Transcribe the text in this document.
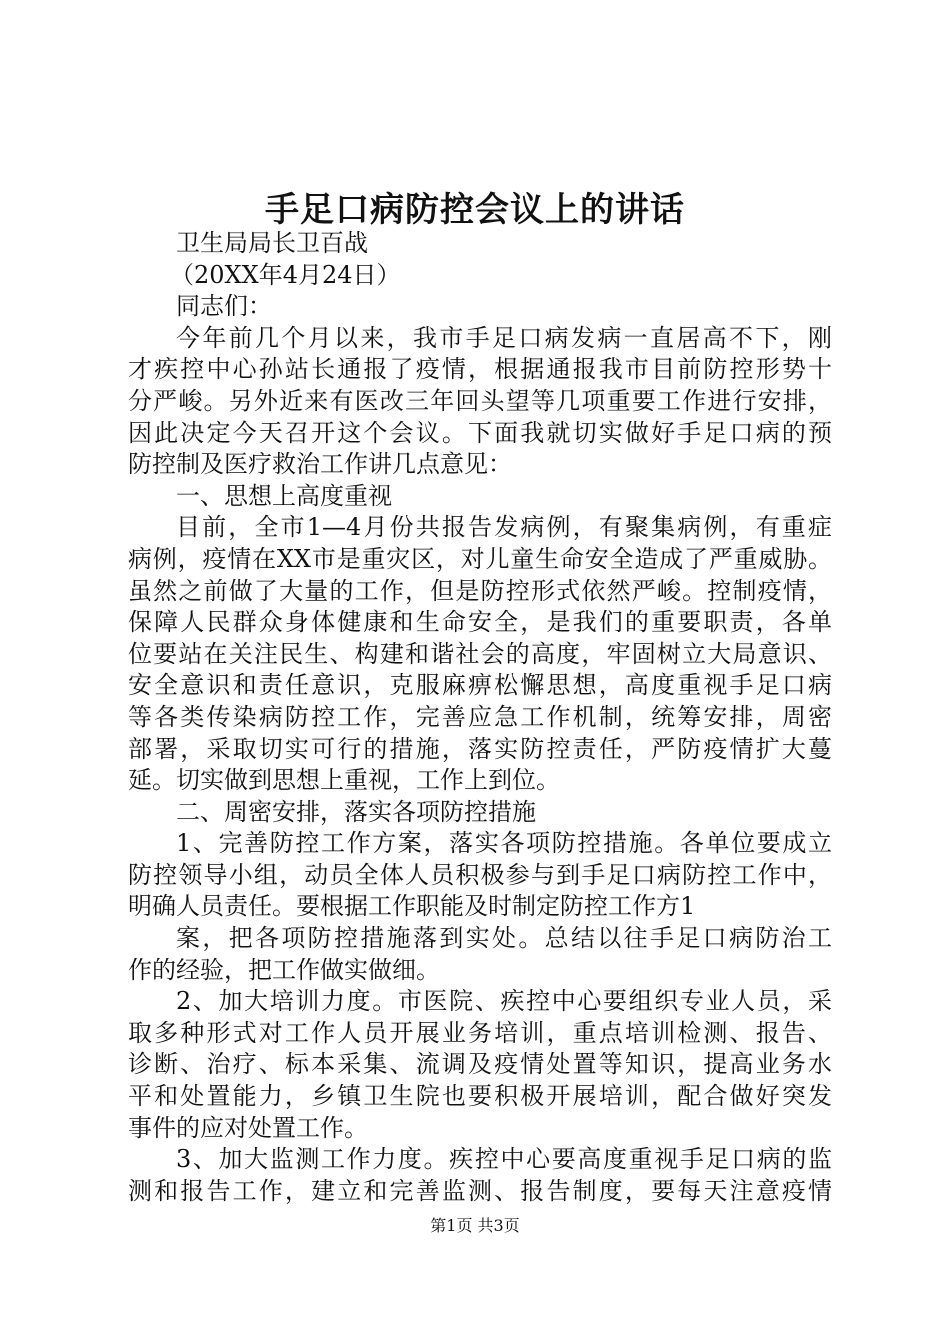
手足口病防控会议上的讲话
卫生局局长卫百战
（20XX年4月24日）
同志们：
今年前几个月以来，我市手足口病发病一直居高不下，刚
才疾控中心孙站长通报了疫情，根据通报我市目前防控形势十
分严峻。另外近来有医改三年回头望等几项重要工作进行安排，
因此决定今天召开这个会议。下面我就切实做好手足口病的预
防控制及医疗救治工作讲几点意见：
一、思想上高度重视
目前，全市1—4月份共报告发病例，有聚集病例，有重症
病例，疫情在XX市是重灾区，对儿童生命安全造成了严重威胁。
虽然之前做了大量的工作，但是防控形式依然严峻。控制疫情，
保障人民群众身体健康和生命安全，是我们的重要职责，各单
位要站在关注民生、构建和谐社会的高度，牢固树立大局意识、
安全意识和责任意识，克服麻痹松懈思想，高度重视手足口病
等各类传染病防控工作，完善应急工作机制，统筹安排，周密
部署，采取切实可行的措施，落实防控责任，严防疫情扩大蔓
延。切实做到思想上重视，工作上到位。
二、周密安排，落实各项防控措施
1、完善防控工作方案，落实各项防控措施。各单位要成立
防控领导小组，动员全体人员积极参与到手足口病防控工作中，
明确人员责任。要根据工作职能及时制定防控工作方1
案，把各项防控措施落到实处。总结以往手足口病防治工
作的经验，把工作做实做细。
2、加大培训力度。市医院、疾控中心要组织专业人员，采
取多种形式对工作人员开展业务培训，重点培训检测、报告、
诊断、治疗、标本采集、流调及疫情处置等知识，提高业务水
平和处置能力，乡镇卫生院也要积极开展培训，配合做好突发
事件的应对处置工作。
3、加大监测工作力度。疾控中心要高度重视手足口病的监
测和报告工作，建立和完善监测、报告制度，要每天注意疫情
第1页 共3页
